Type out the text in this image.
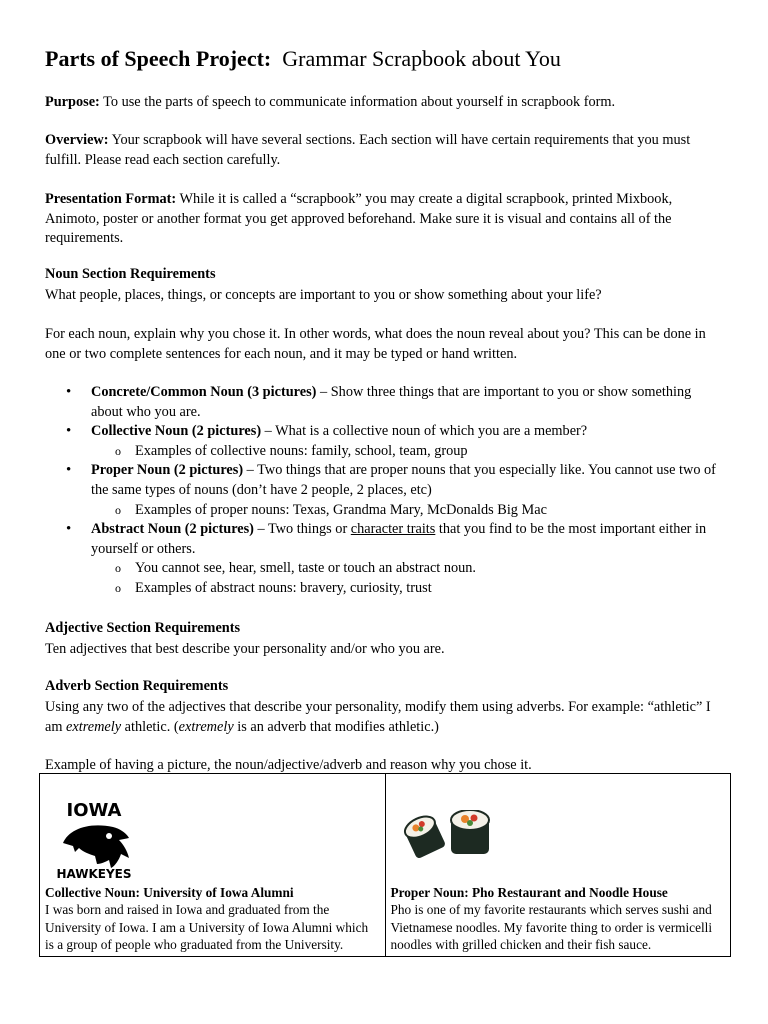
Parts of Speech Project: Grammar Scrapbook about You
Purpose: To use the parts of speech to communicate information about yourself in scrapbook form.
Overview: Your scrapbook will have several sections. Each section will have certain requirements that you must fulfill. Please read each section carefully.
Presentation Format: While it is called a “scrapbook” you may create a digital scrapbook, printed Mixbook, Animoto, poster or another format you get approved beforehand. Make sure it is visual and contains all of the requirements.
Noun Section Requirements
What people, places, things, or concepts are important to you or show something about your life?
For each noun, explain why you chose it. In other words, what does the noun reveal about you? This can be done in one or two complete sentences for each noun, and it may be typed or hand written.
• Concrete/Common Noun (3 pictures) – Show three things that are important to you or show something about who you are.
• Collective Noun (2 pictures) – What is a collective noun of which you are a member?
o Examples of collective nouns: family, school, team, group
• Proper Noun (2 pictures) – Two things that are proper nouns that you especially like. You cannot use two of the same types of nouns (don’t have 2 people, 2 places, etc)
o Examples of proper nouns: Texas, Grandma Mary, McDonalds Big Mac
• Abstract Noun (2 pictures) – Two things or character traits that you find to be the most important either in yourself or others.
o You cannot see, hear, smell, taste or touch an abstract noun.
o Examples of abstract nouns: bravery, curiosity, trust
Adjective Section Requirements
Ten adjectives that best describe your personality and/or who you are.
Adverb Section Requirements
Using any two of the adjectives that describe your personality, modify them using adverbs. For example: “athletic” I am extremely athletic. (extremely is an adverb that modifies athletic.)
Example of having a picture, the noun/adjective/adverb and reason why you chose it.
IOWA
HAWKEYES
Collective Noun: University of Iowa Alumni
I was born and raised in Iowa and graduated from the University of Iowa. I am a University of Iowa Alumni which is a group of people who graduated from the University.

Proper Noun: Pho Restaurant and Noodle House
Pho is one of my favorite restaurants which serves sushi and Vietnamese noodles. My favorite thing to order is vermicelli noodles with grilled chicken and their fish sauce.
